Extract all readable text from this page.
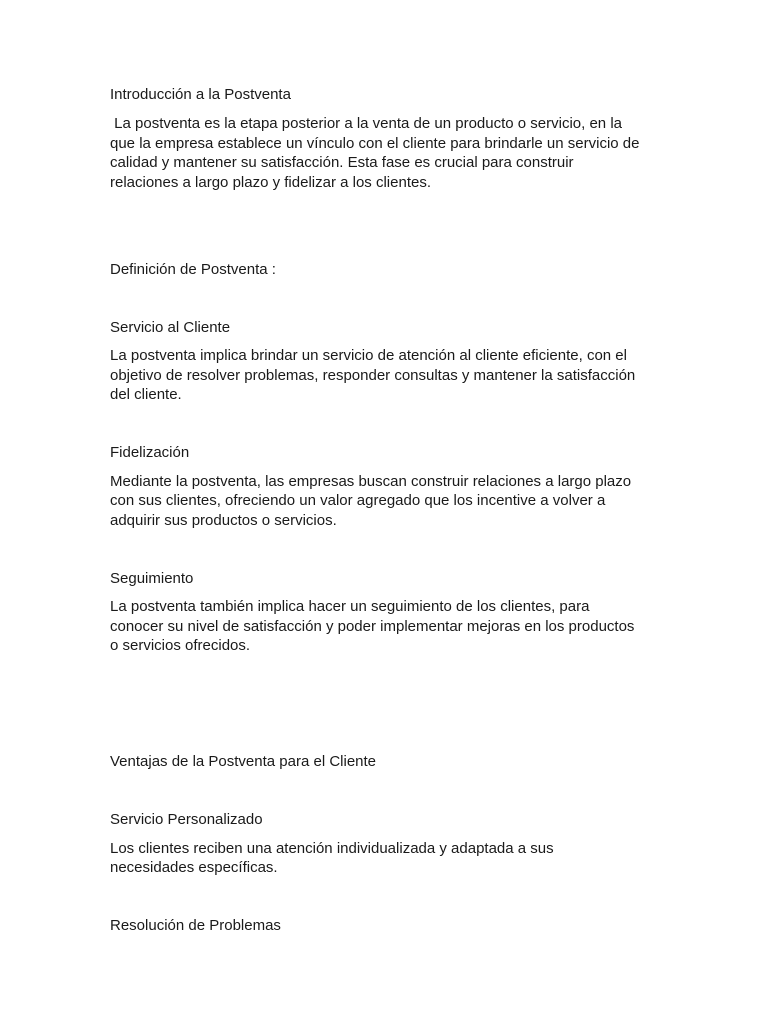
Introducción a la Postventa

La postventa es la etapa posterior a la venta de un producto o servicio, en la

que la empresa establece un vínculo con el cliente para brindarle un servicio de

calidad y mantener su satisfacción. Esta fase es crucial para construir

relaciones a largo plazo y fidelizar a los clientes.

Definición de Postventa :

Servicio al Cliente

La postventa implica brindar un servicio de atención al cliente eficiente, con el

objetivo de resolver problemas, responder consultas y mantener la satisfacción

del cliente.

Fidelización

Mediante la postventa, las empresas buscan construir relaciones a largo plazo

con sus clientes, ofreciendo un valor agregado que los incentive a volver a

adquirir sus productos o servicios.

Seguimiento

La postventa también implica hacer un seguimiento de los clientes, para

conocer su nivel de satisfacción y poder implementar mejoras en los productos

o servicios ofrecidos.

Ventajas de la Postventa para el Cliente

Servicio Personalizado

Los clientes reciben una atención individualizada y adaptada a sus

necesidades específicas.

Resolución de Problemas
